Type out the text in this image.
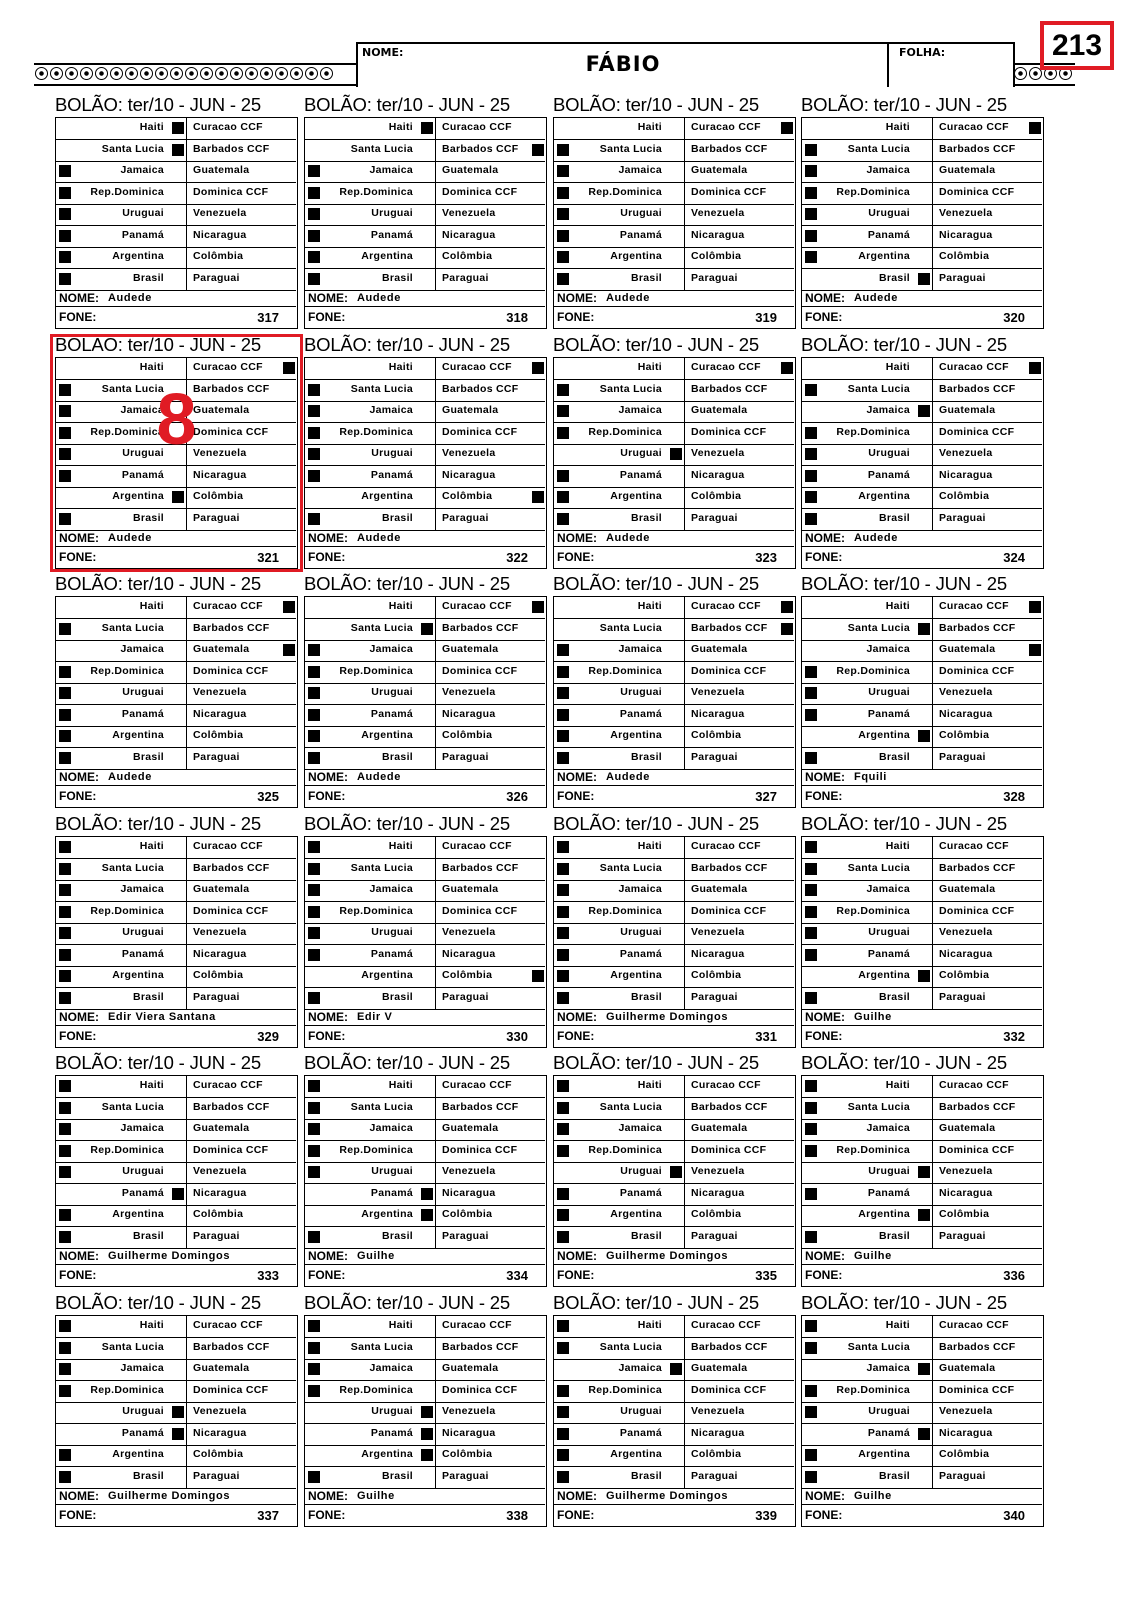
NOME:	FÁBIO	FOLHA:	213
BOLÃO: ter/10 - JUN - 25
Haiti	Curacao CCF
Santa Lucia	Barbados CCF
Jamaica	Guatemala
Rep.Dominica	Dominica CCF
Uruguai	Venezuela
Panamá	Nicaragua
Argentina	Colômbia
Brasil	Paraguai
NOME: Audede
FONE:	317
BOLÃO: ter/10 - JUN - 25
Haiti	Curacao CCF
Santa Lucia	Barbados CCF
Jamaica	Guatemala
Rep.Dominica	Dominica CCF
Uruguai	Venezuela
Panamá	Nicaragua
Argentina	Colômbia
Brasil	Paraguai
NOME: Audede
FONE:	318
BOLÃO: ter/10 - JUN - 25
Haiti	Curacao CCF
Santa Lucia	Barbados CCF
Jamaica	Guatemala
Rep.Dominica	Dominica CCF
Uruguai	Venezuela
Panamá	Nicaragua
Argentina	Colômbia
Brasil	Paraguai
NOME: Audede
FONE:	319
BOLÃO: ter/10 - JUN - 25
Haiti	Curacao CCF
Santa Lucia	Barbados CCF
Jamaica	Guatemala
Rep.Dominica	Dominica CCF
Uruguai	Venezuela
Panamá	Nicaragua
Argentina	Colômbia
Brasil	Paraguai
NOME: Audede
FONE:	320
BOLÃO: ter/10 - JUN - 25
Haiti	Curacao CCF
Santa Lucia	Barbados CCF
Jamaica	Guatemala
Rep.Dominica	Dominica CCF
Uruguai	Venezuela
Panamá	Nicaragua
Argentina	Colômbia
Brasil	Paraguai
NOME: Audede
FONE:	321
BOLÃO: ter/10 - JUN - 25
Haiti	Curacao CCF
Santa Lucia	Barbados CCF
Jamaica	Guatemala
Rep.Dominica	Dominica CCF
Uruguai	Venezuela
Panamá	Nicaragua
Argentina	Colômbia
Brasil	Paraguai
NOME: Audede
FONE:	322
BOLÃO: ter/10 - JUN - 25
Haiti	Curacao CCF
Santa Lucia	Barbados CCF
Jamaica	Guatemala
Rep.Dominica	Dominica CCF
Uruguai	Venezuela
Panamá	Nicaragua
Argentina	Colômbia
Brasil	Paraguai
NOME: Audede
FONE:	323
BOLÃO: ter/10 - JUN - 25
Haiti	Curacao CCF
Santa Lucia	Barbados CCF
Jamaica	Guatemala
Rep.Dominica	Dominica CCF
Uruguai	Venezuela
Panamá	Nicaragua
Argentina	Colômbia
Brasil	Paraguai
NOME: Audede
FONE:	324
BOLÃO: ter/10 - JUN - 25
Haiti	Curacao CCF
Santa Lucia	Barbados CCF
Jamaica	Guatemala
Rep.Dominica	Dominica CCF
Uruguai	Venezuela
Panamá	Nicaragua
Argentina	Colômbia
Brasil	Paraguai
NOME: Audede
FONE:	325
BOLÃO: ter/10 - JUN - 25
Haiti	Curacao CCF
Santa Lucia	Barbados CCF
Jamaica	Guatemala
Rep.Dominica	Dominica CCF
Uruguai	Venezuela
Panamá	Nicaragua
Argentina	Colômbia
Brasil	Paraguai
NOME: Audede
FONE:	326
BOLÃO: ter/10 - JUN - 25
Haiti	Curacao CCF
Santa Lucia	Barbados CCF
Jamaica	Guatemala
Rep.Dominica	Dominica CCF
Uruguai	Venezuela
Panamá	Nicaragua
Argentina	Colômbia
Brasil	Paraguai
NOME: Audede
FONE:	327
BOLÃO: ter/10 - JUN - 25
Haiti	Curacao CCF
Santa Lucia	Barbados CCF
Jamaica	Guatemala
Rep.Dominica	Dominica CCF
Uruguai	Venezuela
Panamá	Nicaragua
Argentina	Colômbia
Brasil	Paraguai
NOME: Fquili
FONE:	328
BOLÃO: ter/10 - JUN - 25
Haiti	Curacao CCF
Santa Lucia	Barbados CCF
Jamaica	Guatemala
Rep.Dominica	Dominica CCF
Uruguai	Venezuela
Panamá	Nicaragua
Argentina	Colômbia
Brasil	Paraguai
NOME: Edir Viera Santana
FONE:	329
BOLÃO: ter/10 - JUN - 25
Haiti	Curacao CCF
Santa Lucia	Barbados CCF
Jamaica	Guatemala
Rep.Dominica	Dominica CCF
Uruguai	Venezuela
Panamá	Nicaragua
Argentina	Colômbia
Brasil	Paraguai
NOME: Edir V
FONE:	330
BOLÃO: ter/10 - JUN - 25
Haiti	Curacao CCF
Santa Lucia	Barbados CCF
Jamaica	Guatemala
Rep.Dominica	Dominica CCF
Uruguai	Venezuela
Panamá	Nicaragua
Argentina	Colômbia
Brasil	Paraguai
NOME: Guilherme Domingos
FONE:	331
BOLÃO: ter/10 - JUN - 25
Haiti	Curacao CCF
Santa Lucia	Barbados CCF
Jamaica	Guatemala
Rep.Dominica	Dominica CCF
Uruguai	Venezuela
Panamá	Nicaragua
Argentina	Colômbia
Brasil	Paraguai
NOME: Guilhe
FONE:	332
BOLÃO: ter/10 - JUN - 25
Haiti	Curacao CCF
Santa Lucia	Barbados CCF
Jamaica	Guatemala
Rep.Dominica	Dominica CCF
Uruguai	Venezuela
Panamá	Nicaragua
Argentina	Colômbia
Brasil	Paraguai
NOME: Guilherme Domingos
FONE:	333
BOLÃO: ter/10 - JUN - 25
Haiti	Curacao CCF
Santa Lucia	Barbados CCF
Jamaica	Guatemala
Rep.Dominica	Dominica CCF
Uruguai	Venezuela
Panamá	Nicaragua
Argentina	Colômbia
Brasil	Paraguai
NOME: Guilhe
FONE:	334
BOLÃO: ter/10 - JUN - 25
Haiti	Curacao CCF
Santa Lucia	Barbados CCF
Jamaica	Guatemala
Rep.Dominica	Dominica CCF
Uruguai	Venezuela
Panamá	Nicaragua
Argentina	Colômbia
Brasil	Paraguai
NOME: Guilherme Domingos
FONE:	335
BOLÃO: ter/10 - JUN - 25
Haiti	Curacao CCF
Santa Lucia	Barbados CCF
Jamaica	Guatemala
Rep.Dominica	Dominica CCF
Uruguai	Venezuela
Panamá	Nicaragua
Argentina	Colômbia
Brasil	Paraguai
NOME: Guilhe
FONE:	336
BOLÃO: ter/10 - JUN - 25
Haiti	Curacao CCF
Santa Lucia	Barbados CCF
Jamaica	Guatemala
Rep.Dominica	Dominica CCF
Uruguai	Venezuela
Panamá	Nicaragua
Argentina	Colômbia
Brasil	Paraguai
NOME: Guilherme Domingos
FONE:	337
BOLÃO: ter/10 - JUN - 25
Haiti	Curacao CCF
Santa Lucia	Barbados CCF
Jamaica	Guatemala
Rep.Dominica	Dominica CCF
Uruguai	Venezuela
Panamá	Nicaragua
Argentina	Colômbia
Brasil	Paraguai
NOME: Guilhe
FONE:	338
BOLÃO: ter/10 - JUN - 25
Haiti	Curacao CCF
Santa Lucia	Barbados CCF
Jamaica	Guatemala
Rep.Dominica	Dominica CCF
Uruguai	Venezuela
Panamá	Nicaragua
Argentina	Colômbia
Brasil	Paraguai
NOME: Guilherme Domingos
FONE:	339
BOLÃO: ter/10 - JUN - 25
Haiti	Curacao CCF
Santa Lucia	Barbados CCF
Jamaica	Guatemala
Rep.Dominica	Dominica CCF
Uruguai	Venezuela
Panamá	Nicaragua
Argentina	Colômbia
Brasil	Paraguai
NOME: Guilhe
FONE:	340
8
